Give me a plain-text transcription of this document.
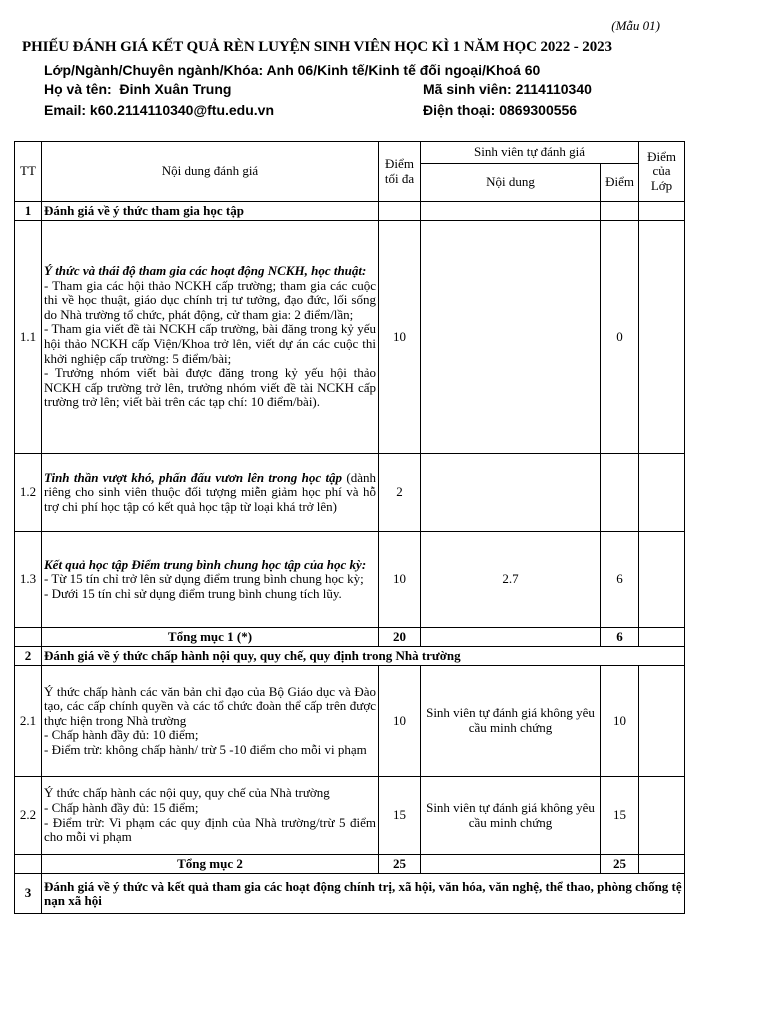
(Mẫu 01)
PHIẾU ĐÁNH GIÁ KẾT QUẢ RÈN LUYỆN SINH VIÊN HỌC KÌ 1 NĂM HỌC 2022 - 2023
Lớp/Ngành/Chuyên ngành/Khóa: Anh 06/Kinh tế/Kinh tế đối ngoại/Khoá 60
Họ và tên: Đinh Xuân Trung	Mã sinh viên: 2114110340
Email: k60.2114110340@ftu.edu.vn	Điện thoại: 0869300556
TT	Nội dung đánh giá	Điểm tối đa	Sinh viên tự đánh giá		Điểm của Lớp
			Nội dung	Điểm	
1	Đánh giá về ý thức tham gia học tập				
1.1	Ý thức và thái độ tham gia các hoạt động NCKH, học thuật:
- Tham gia các hội thảo NCKH cấp trường; tham gia các cuộc thi về học thuật, giáo dục chính trị tư tưởng, đạo đức, lối sống do Nhà trường tổ chức, phát động, cử tham gia: 2 điểm/lần;
- Tham gia viết đề tài NCKH cấp trường, bài đăng trong kỷ yếu hội thảo NCKH cấp Viện/Khoa trở lên, viết dự án các cuộc thi khởi nghiệp cấp trường: 5 điểm/bài;
- Trưởng nhóm viết bài được đăng trong kỷ yếu hội thảo NCKH cấp trường trở lên, trưởng nhóm viết đề tài NCKH cấp trường trở lên; viết bài trên các tạp chí: 10 điểm/bài).	10		0	
1.2	Tinh thần vượt khó, phấn đấu vươn lên trong học tập (dành riêng cho sinh viên thuộc đối tượng miễn giảm học phí và hỗ trợ chi phí học tập có kết quả học tập từ loại khá trở lên)	2			
1.3	Kết quả học tập Điểm trung bình chung học tập của học kỳ:
- Từ 15 tín chỉ trở lên sử dụng điểm trung bình chung học kỳ;
- Dưới 15 tín chỉ sử dụng điểm trung bình chung tích lũy.	10	2.7	6	
	Tổng mục 1 (*)	20		6	
2	Đánh giá về ý thức chấp hành nội quy, quy chế, quy định trong Nhà trường				
2.1	Ý thức chấp hành các văn bản chỉ đạo của Bộ Giáo dục và Đào tạo, các cấp chính quyền và các tổ chức đoàn thể cấp trên được thực hiện trong Nhà trường
- Chấp hành đầy đủ: 10 điểm;
- Điểm trừ: không chấp hành/ trừ 5 -10 điểm cho mỗi vi phạm	10	Sinh viên tự đánh giá không yêu cầu minh chứng	10	
2.2	Ý thức chấp hành các nội quy, quy chế của Nhà trường
- Chấp hành đầy đủ: 15 điểm;
- Điểm trừ: Vi phạm các quy định của Nhà trường/trừ 5 điểm cho mỗi vi phạm	15	Sinh viên tự đánh giá không yêu cầu minh chứng	15	
	Tổng mục 2	25		25	
3	Đánh giá về ý thức và kết quả tham gia các hoạt động chính trị, xã hội, văn hóa, văn nghệ, thể thao, phòng chống tệ nạn xã hội				
